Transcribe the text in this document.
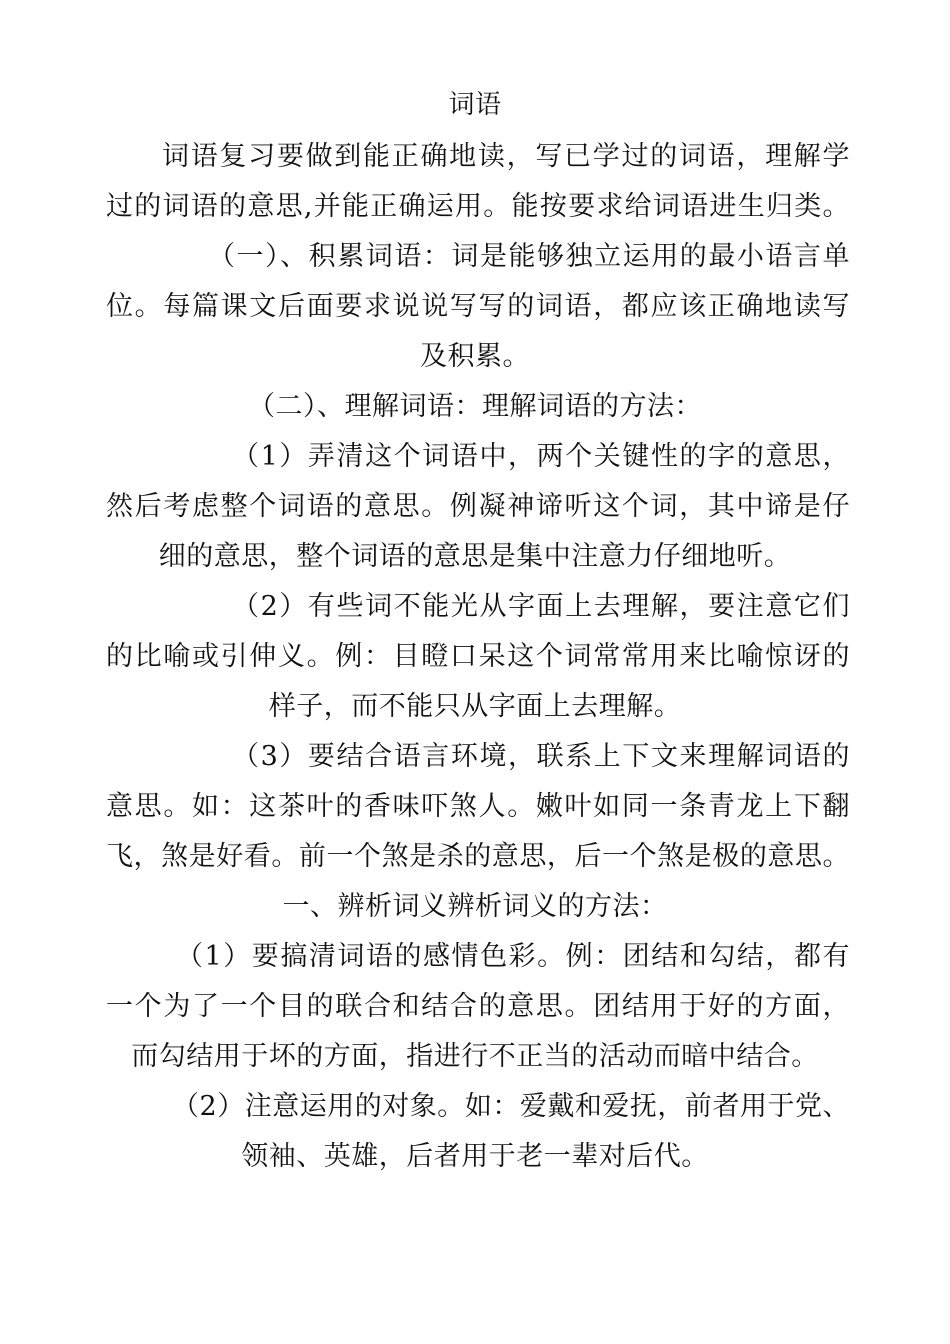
词语
词语复习要做到能正确地读，写已学过的词语，理解学
过的词语的意思,并能正确运用。能按要求给词语进生归类。
（一）、积累词语：词是能够独立运用的最小语言单
位。每篇课文后面要求说说写写的词语，都应该正确地读写
及积累。
（二）、理解词语：理解词语的方法：
（1）弄清这个词语中，两个关键性的字的意思，
然后考虑整个词语的意思。例凝神谛听这个词，其中谛是仔
细的意思，整个词语的意思是集中注意力仔细地听。
（2）有些词不能光从字面上去理解，要注意它们
的比喻或引伸义。例：目瞪口呆这个词常常用来比喻惊讶的
样子，而不能只从字面上去理解。
（3）要结合语言环境，联系上下文来理解词语的
意思。如：这茶叶的香味吓煞人。嫩叶如同一条青龙上下翻
飞，煞是好看。前一个煞是杀的意思，后一个煞是极的意思。
一、辨析词义辨析词义的方法：
（1）要搞清词语的感情色彩。例：团结和勾结，都有
一个为了一个目的联合和结合的意思。团结用于好的方面，
而勾结用于坏的方面，指进行不正当的活动而暗中结合。
（2）注意运用的对象。如：爱戴和爱抚，前者用于党、
领袖、英雄，后者用于老一辈对后代。
